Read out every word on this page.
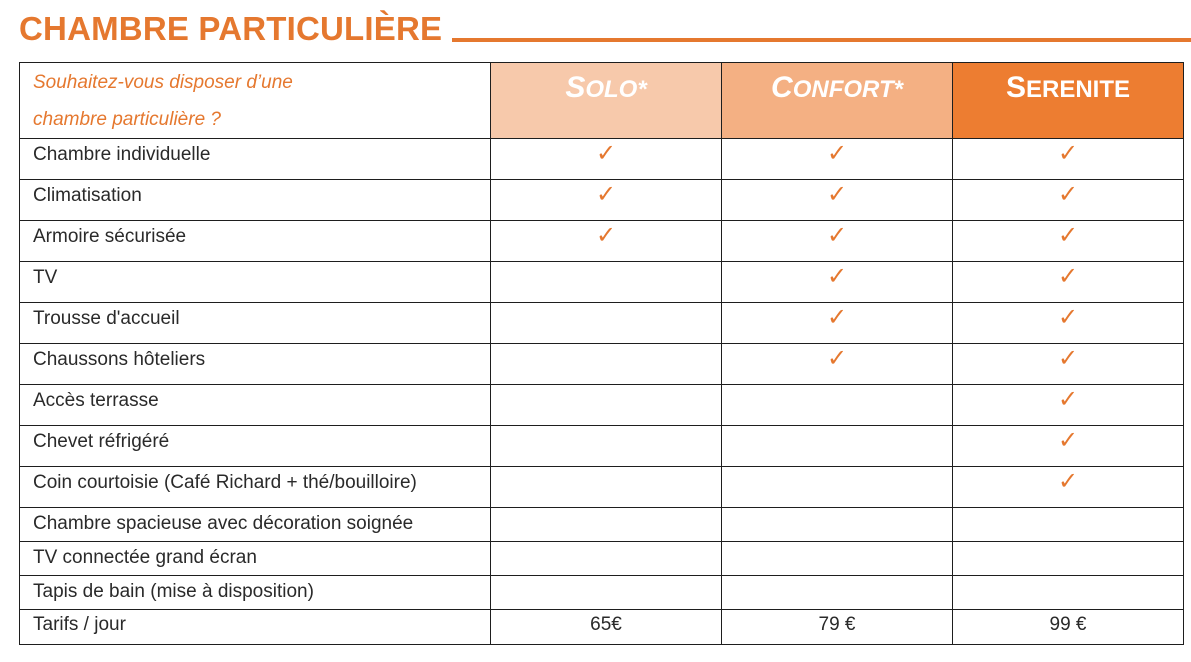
CHAMBRE PARTICULIÈRE
Souhaitez-vous disposer d’une
chambre particulière ?	SOLO*	CONFORT*	SERENITE
Chambre individuelle	✓	✓	✓
Climatisation	✓	✓	✓
Armoire sécurisée	✓	✓	✓
TV		✓	✓
Trousse d'accueil		✓	✓
Chaussons hôteliers		✓	✓
Accès terrasse			✓
Chevet réfrigéré			✓
Coin courtoisie (Café Richard + thé/bouilloire)			✓
Chambre spacieuse avec décoration soignée			
TV connectée grand écran			
Tapis de bain (mise à disposition)			
Tarifs / jour	65€	79 €	99 €
